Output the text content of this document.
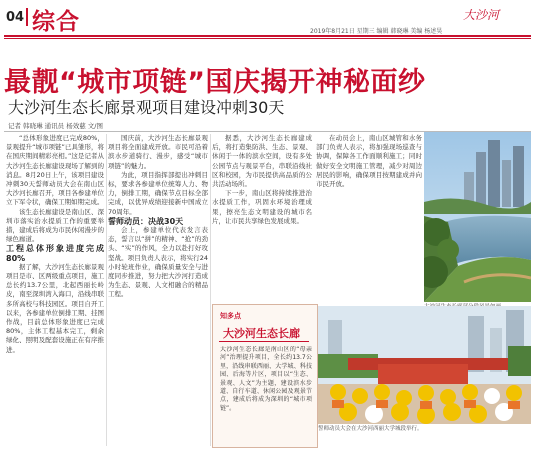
04 综合	大沙河
2019年8月21日 星期三 编辑 韩晓琳 美编 杨述昊
最靓“城市项链”国庆揭开神秘面纱
大沙河生态长廊景观项目建设冲刺30天
记者 韩晓琳 通讯员 杨效慈 文/图

“总体形象进度已完成80%，景观提升“城市项链”已具雏形，将在国庆期间精彩亮相。”这是记者从大沙河生态长廊建设现场了解到的消息。8月20日上午，该项目建设冲刺30天誓师动员大会在南山区大沙河长廊召开，项目各参建单位立下军令状，确保工期如期完成。

该生态长廊建设是南山区、深圳市落实治水提质工作的重要举措，建成后将成为市民休闲漫步的绿色廊道。

工程总体形象进度完成80%

据了解，大沙河生态长廊景观项目是市、区两级重点项目，施工总长约13.7公里，北起西丽长岭皮，南至深圳湾入海口，沿线串联多所高校与科技园区。项目自开工以来，各参建单位倒排工期、挂图作战，目前总体形象进度已完成80%，主体工程基本完工，剩余绿化、照明及配套设施正在有序推进。

国庆前，大沙河生态长廊景观项目将全面建成开放。市民可沿着滨水步道骑行、漫步，感受“城市项链”的魅力。

为此，项目指挥部提出冲刺目标，要求各参建单位统筹人力、物力，倒排工期，确保节点目标全部完成，以优异成绩迎接新中国成立70周年。

誓师动员：决战30天

会上，参建单位代表发言表态，誓言以“拼”的精神、“抢”的劲头、“实”的作风，全力以赴打好攻坚战。项目负责人表示，将实行24小时轮班作业，确保质量安全与进度同步推进，努力把大沙河打造成为生态、景观、人文相融合的精品工程。

据悉，大沙河生态长廊建成后，将打造集防洪、生态、景观、休闲于一体的滨水空间，设有多处公园节点与观景平台，串联沿线社区和校园，为市民提供高品质的公共活动场所。

下一步，南山区将持续推进治水提质工作，巩固水环境治理成果，擦亮生态文明建设的城市名片，让市民共享绿色发展成果。

在动员会上，南山区城管和水务部门负责人表示，将加强现场巡查与协调，保障各工作面顺利施工；同时做好安全文明施工管理，减少对周边居民的影响，确保项目按期建成并向市民开放。

知多点
大沙河生态长廊
大沙河生态长廊是南山区的“母亲河”治理提升项目，全长约13.7公里，沿线串联西丽、大学城、科技园、后海等片区，项目以“生态、景观、人文”为主题，建设滨水步道、自行车道、休闲公园及观景节点，建成后将成为深圳的“城市项链”。
誓师动员大会在大沙河西丽大学城段举行。
